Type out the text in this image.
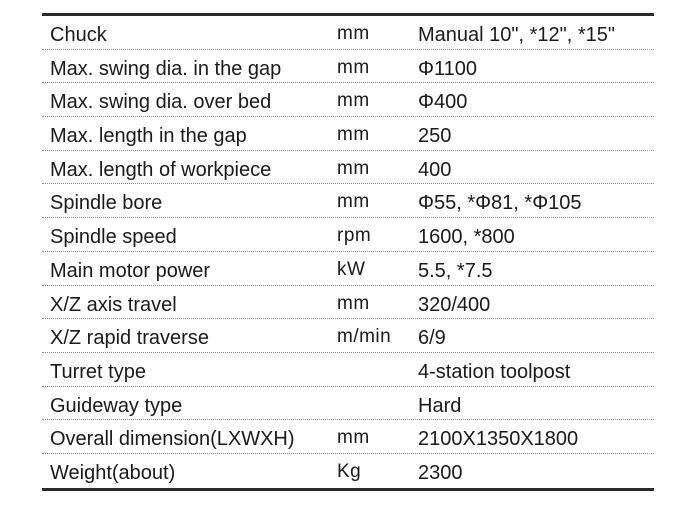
Chuck	mm Manual 10", *12", *15"
Max. swing dia. in the gap	mm Φ1100
Max. swing dia. over bed	mm Φ400
Max. length in the gap	mm 250
Max. length of workpiece	mm 400
Spindle bore	mm Φ55, *Φ81, *Φ105
Spindle speed	rpm 1600, *800
Main motor power	kW	5.5, *7.5
X/Z axis travel	mm 320/400
X/Z rapid traverse	m/min 6/9
Turret type	4-station toolpost
Guideway type	Hard
Overall dimension(LXWXH) mm 2100X1350X1800
Weight(about)	Kg	2300
